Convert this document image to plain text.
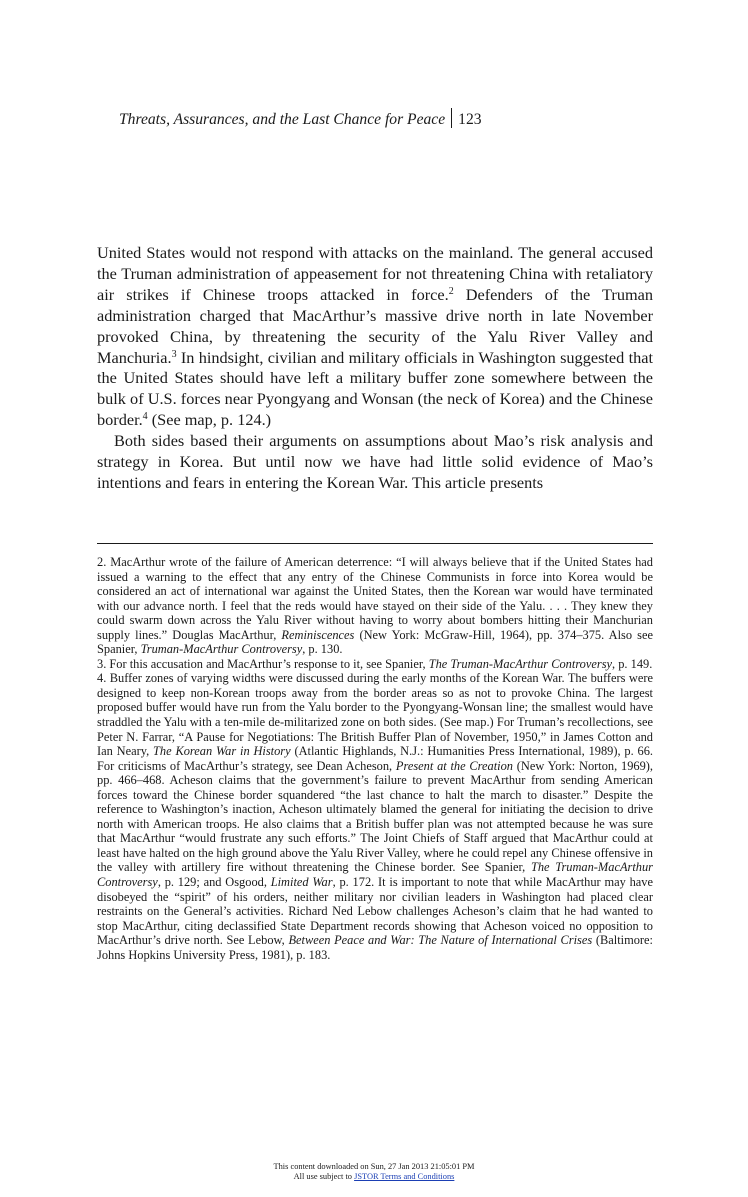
Threats, Assurances, and the Last Chance for Peace 123

United States would not respond with attacks on the mainland. The general accused the Truman administration of appeasement for not threatening China with retaliatory air strikes if Chinese troops attacked in force.$^2$ Defenders of the Truman administration charged that MacArthur’s massive drive north in late November provoked China, by threatening the security of the Yalu River Valley and Manchuria.$^3$ In hindsight, civilian and military officials in Washington suggested that the United States should have left a military buffer zone somewhere between the bulk of U.S. forces near Pyongyang and Wonsan (the neck of Korea) and the Chinese border.$^4$ (See map, p. 124.)

Both sides based their arguments on assumptions about Mao’s risk analysis and strategy in Korea. But until now we have had little solid evidence of Mao’s intentions and fears in entering the Korean War. This article presents

2. MacArthur wrote of the failure of American deterrence: “I will always believe that if the United States had issued a warning to the effect that any entry of the Chinese Communists in force into Korea would be considered an act of international war against the United States, then the Korean war would have terminated with our advance north. I feel that the reds would have stayed on their side of the Yalu. . . . They knew they could swarm down across the Yalu River without having to worry about bombers hitting their Manchurian supply lines.” Douglas MacArthur, Reminiscences (New York: McGraw-Hill, 1964), pp. 374–375. Also see Spanier, Truman-MacArthur Controversy, p. 130.

3. For this accusation and MacArthur’s response to it, see Spanier, The Truman-MacArthur Controversy, p. 149.

4. Buffer zones of varying widths were discussed during the early months of the Korean War. The buffers were designed to keep non-Korean troops away from the border areas so as not to provoke China. The largest proposed buffer would have run from the Yalu border to the Pyongyang-Wonsan line; the smallest would have straddled the Yalu with a ten-mile de-militarized zone on both sides. (See map.) For Truman’s recollections, see Peter N. Farrar, “A Pause for Negotiations: The British Buffer Plan of November, 1950,” in James Cotton and Ian Neary, The Korean War in History (Atlantic Highlands, N.J.: Humanities Press International, 1989), p. 66. For criticisms of MacArthur’s strategy, see Dean Acheson, Present at the Creation (New York: Norton, 1969), pp. 466–468. Acheson claims that the government’s failure to prevent MacArthur from sending American forces toward the Chinese border squandered “the last chance to halt the march to disaster.” Despite the reference to Washington’s inaction, Acheson ultimately blamed the general for initiating the decision to drive north with American troops. He also claims that a British buffer plan was not attempted because he was sure that MacArthur “would frustrate any such efforts.” The Joint Chiefs of Staff argued that MacArthur could at least have halted on the high ground above the Yalu River Valley, where he could repel any Chinese offensive in the valley with artillery fire without threatening the Chinese border. See Spanier, The Truman-MacArthur Controversy, p. 129; and Osgood, Limited War, p. 172. It is important to note that while MacArthur may have disobeyed the “spirit” of his orders, neither military nor civilian leaders in Washington had placed clear restraints on the General’s activities. Richard Ned Lebow challenges Acheson’s claim that he had wanted to stop MacArthur, citing declassified State Department records showing that Acheson voiced no opposition to MacArthur’s drive north. See Lebow, Between Peace and War: The Nature of International Crises (Baltimore: Johns Hopkins University Press, 1981), p. 183.

This content downloaded on Sun, 27 Jan 2013 21:05:01 PM
All use subject to JSTOR Terms and Conditions
